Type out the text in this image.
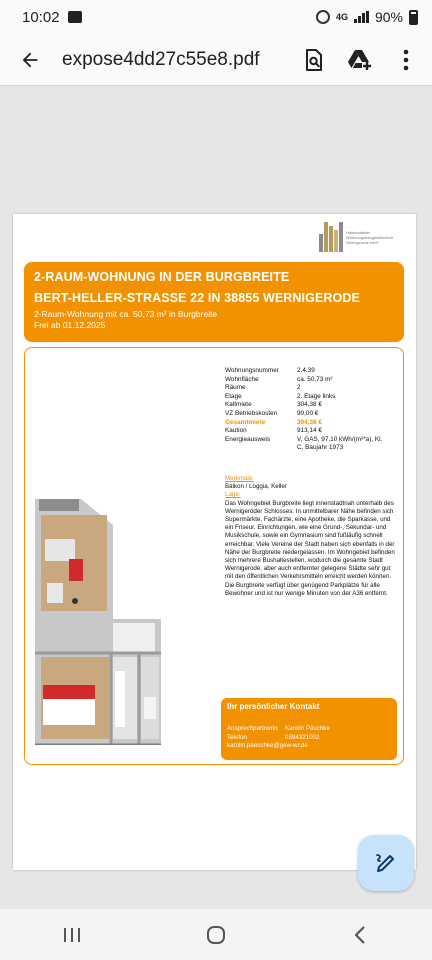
10:02	4G 90%
expose4dd27c55e8.pdf
Halberstädter
Wohnungsbaugesellschaft
Wernigerode mbH
2-RAUM-WOHNUNG IN DER BURGBREITE
BERT-HELLER-STRASSE 22 IN 38855 WERNIGERODE
2-Raum-Wohnung mit ca. 50,73 m² in Burgbreite
Frei ab 01.12.2025
Wohnungsnummer	2.4.39
Wohnfläche	ca. 50,73 m²
Räume	2
Etage	2. Etage links
Kaltmiete	304,38 €
VZ Betriebskosten	90,00 €
Gesamtmiete	394,38 €
Kaution	913,14 €
Energieausweis	V, GAS, 97,10 kWh/(m²*a), Kl. C, Baujahr 1973
Merkmale:
Balkon / Loggia, Keller
Lage:
Das Wohngebiet Burgbreite liegt innenstadtnah unterhalb des Wernigeröder Schlosses. In unmittelbarer Nähe befinden sich Supermärkte, Fachärzte, eine Apotheke, die Sparkasse, und ein Friseur. Einrichtungen, wie eine Grund-, Sekundar- und Musikschule, sowie ein Gymnasium sind fußläufig schnell erreichbar. Viele Vereine der Stadt haben sich ebenfalls in der Nähe der Burgbreite niedergelassen. Im Wohngebiet befinden sich mehrere Bushaltestellen, wodurch die gesamte Stadt Wernigerode, aber auch entfernter gelegene Städte sehr gut mit den öffentlichen Verkehrsmitteln erreicht werden können. Die Burgbreite verfügt über genügend Parkplätze für alle Bewohner und ist nur wenige Minuten von der A36 entfernt.
Ihr persönlicher Kontakt
Ansprechpartnerin	Karolin Päschke
Telefon	0394321002
karolin.paeschke@gew-wr.de
